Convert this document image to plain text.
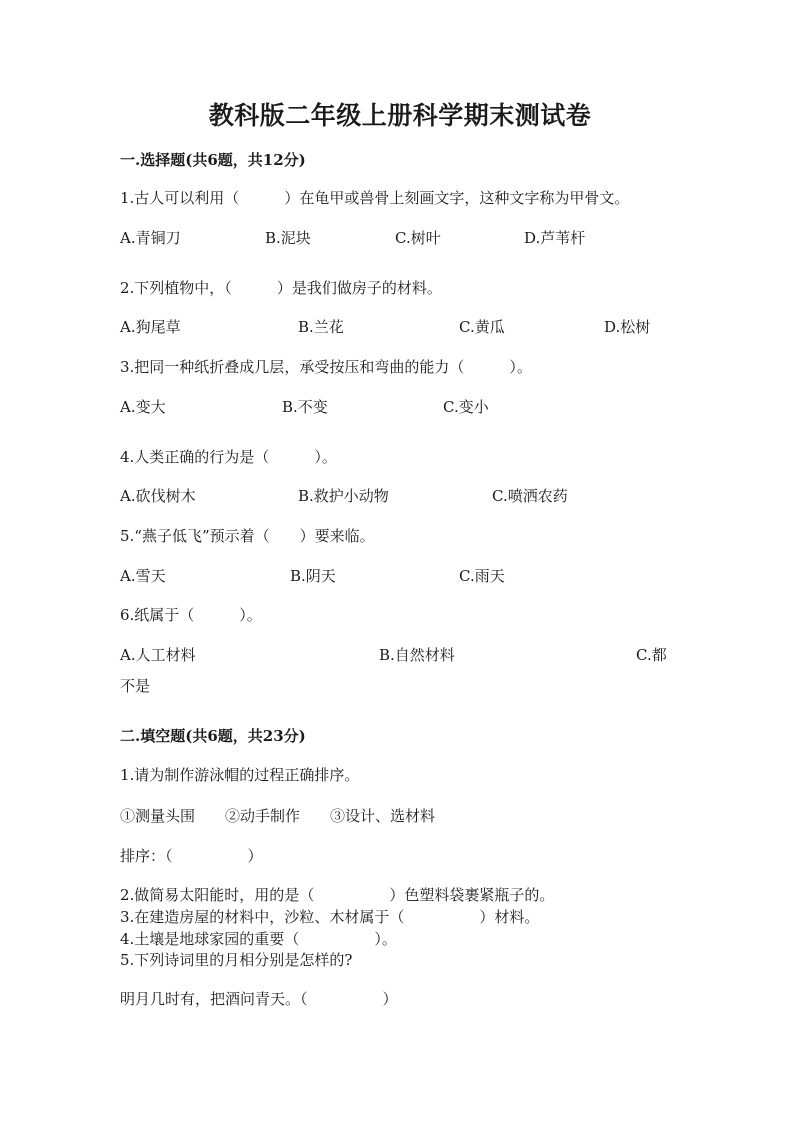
教科版二年级上册科学期末测试卷
一.选择题(共6题，共12分)
1.古人可以利用（　　　）在龟甲或兽骨上刻画文字，这种文字称为甲骨文。
A.青铜刀	B.泥块	C.树叶	D.芦苇杆
2.下列植物中，（　　　）是我们做房子的材料。
A.狗尾草	B.兰花	C.黄瓜	D.松树
3.把同一种纸折叠成几层，承受按压和弯曲的能力（　　　）。
A.变大	B.不变	C.变小
4.人类正确的行为是（　　　）。
A.砍伐树木	B.救护小动物	C.喷洒农药
5.“燕子低飞”预示着（　　）要来临。
A.雪天	B.阴天	C.雨天
6.纸属于（　　　）。
A.人工材料	B.自然材料	C.都
不是
二.填空题(共6题，共23分)
1.请为制作游泳帽的过程正确排序。
①测量头围　　②动手制作　　③设计、选材料
排序：（　　　　　）
2.做简易太阳能时，用的是（　　　　　）色塑料袋裹紧瓶子的。
3.在建造房屋的材料中，沙粒、木材属于（　　　　　）材料。
4.土壤是地球家园的重要（　　　　　）。
5.下列诗词里的月相分别是怎样的?
明月几时有，把酒问青天。（　　　　　）
